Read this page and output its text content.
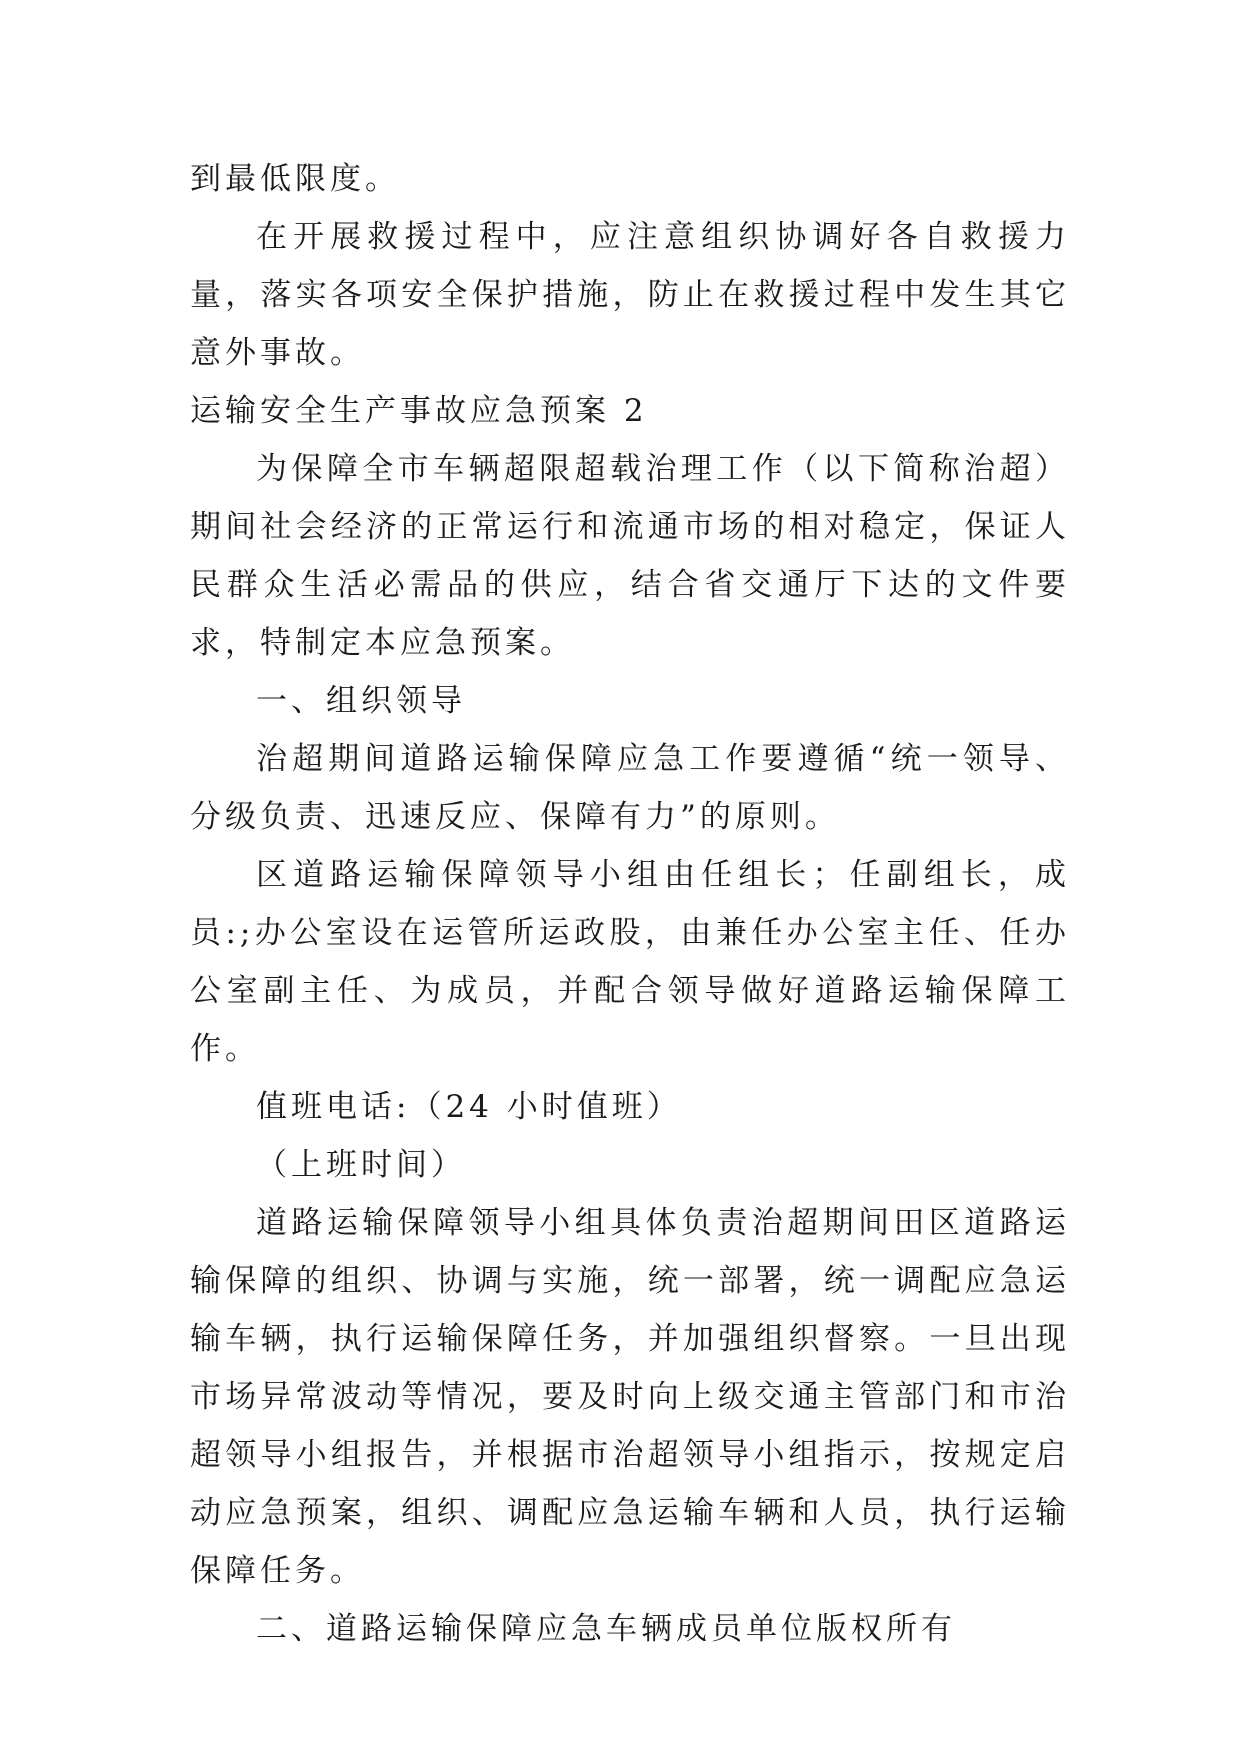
到最低限度。

在开展救援过程中，应注意组织协调好各自救援力量，落实各项安全保护措施，防止在救援过程中发生其它意外事故。

运输安全生产事故应急预案 2

为保障全市车辆超限超载治理工作（以下简称治超）期间社会经济的正常运行和流通市场的相对稳定，保证人民群众生活必需品的供应，结合省交通厅下达的文件要求，特制定本应急预案。

一、组织领导

治超期间道路运输保障应急工作要遵循“统一领导、分级负责、迅速反应、保障有力”的原则。

区道路运输保障领导小组由任组长；任副组长，成员:;办公室设在运管所运政股，由兼任办公室主任、任办公室副主任、为成员，并配合领导做好道路运输保障工作。

值班电话:（24 小时值班）

（上班时间）

道路运输保障领导小组具体负责治超期间田区道路运输保障的组织、协调与实施，统一部署，统一调配应急运输车辆，执行运输保障任务，并加强组织督察。一旦出现市场异常波动等情况，要及时向上级交通主管部门和市治超领导小组报告，并根据市治超领导小组指示，按规定启动应急预案，组织、调配应急运输车辆和人员，执行运输保障任务。

二、道路运输保障应急车辆成员单位版权所有
